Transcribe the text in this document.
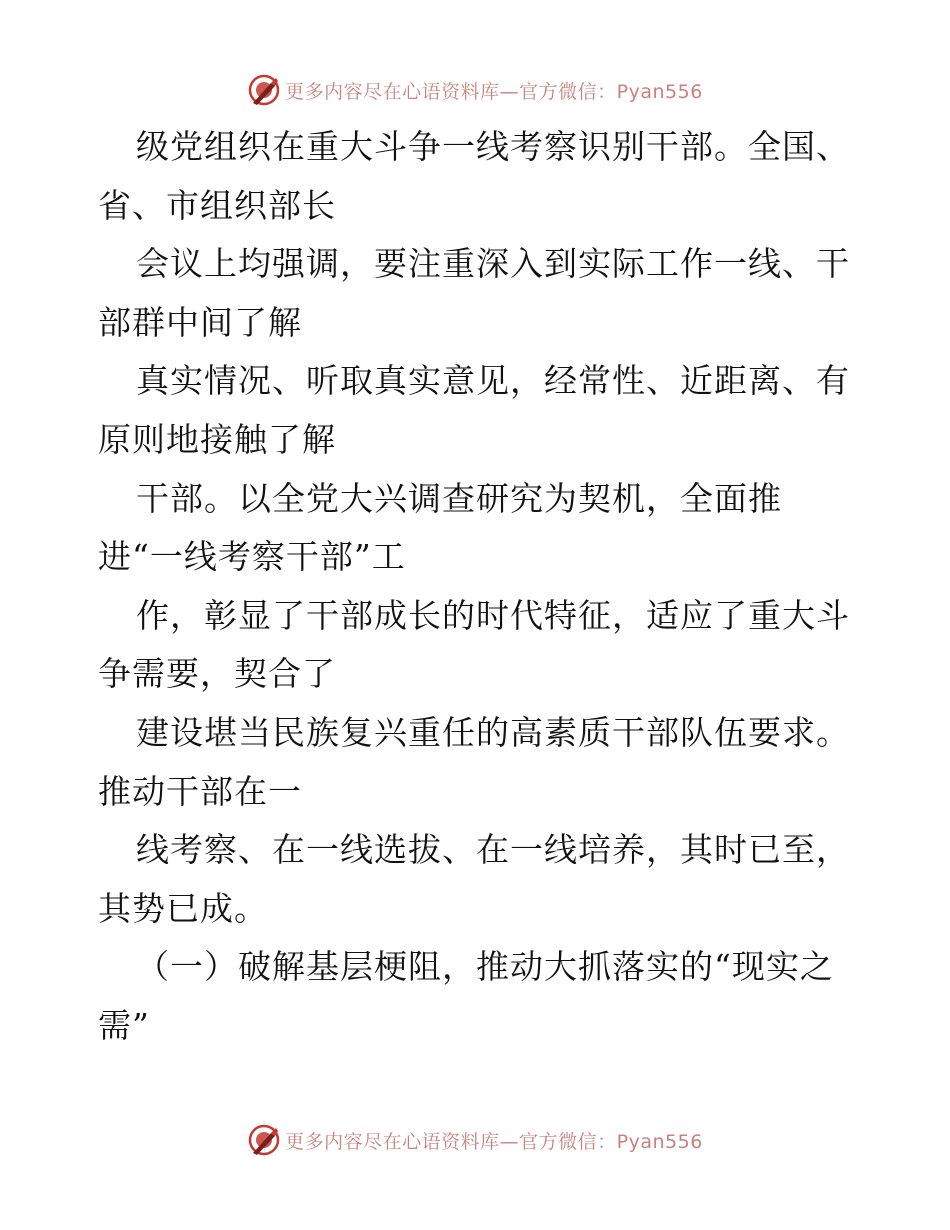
更多内容尽在心语资料库—官方微信：Pyan556
级党组织在重大斗争一线考察识别干部。全国、
省、市组织部长
会议上均强调，要注重深入到实际工作一线、干
部群中间了解
真实情况、听取真实意见，经常性、近距离、有
原则地接触了解
干部。以全党大兴调查研究为契机，全面推
进“一线考察干部”工
作，彰显了干部成长的时代特征，适应了重大斗
争需要，契合了
建设堪当民族复兴重任的高素质干部队伍要求。
推动干部在一
线考察、在一线选拔、在一线培养，其时已至，
其势已成。
（一）破解基层梗阻，推动大抓落实的“现实之
需”
更多内容尽在心语资料库—官方微信：Pyan556
